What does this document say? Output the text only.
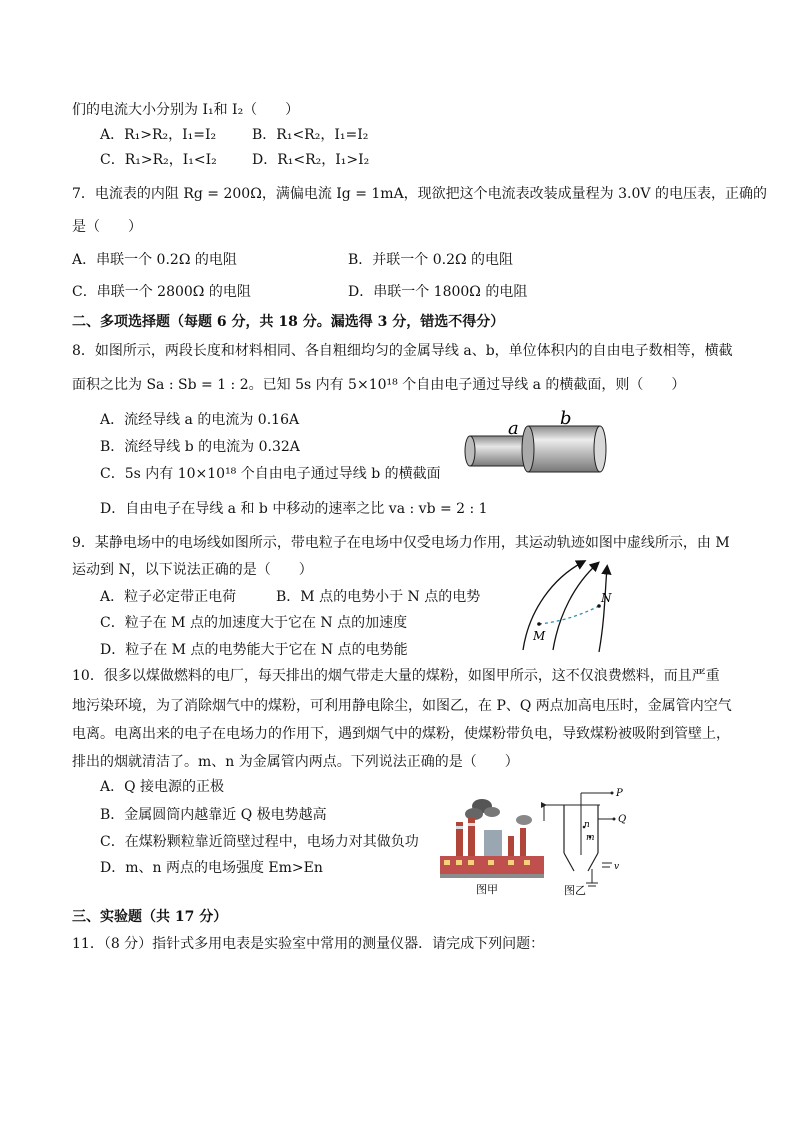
们的电流大小分别为 I₁和 I₂（　　）
A．R₁>R₂，I₁=I₂	B．R₁<R₂，I₁=I₂
C．R₁>R₂，I₁<I₂	D．R₁<R₂，I₁>I₂
7．电流表的内阻 Rg = 200Ω，满偏电流 Ig = 1mA，现欲把这个电流表改装成量程为 3.0V 的电压表，正确的
是（　　）
A．串联一个 0.2Ω 的电阻	B．并联一个 0.2Ω 的电阻
C．串联一个 2800Ω 的电阻	D．串联一个 1800Ω 的电阻
二、多项选择题（每题 6 分，共 18 分。漏选得 3 分，错选不得分）
8．如图所示，两段长度和材料相同、各自粗细均匀的金属导线 a、b，单位体积内的自由电子数相等，横截
面积之比为 Sa : Sb = 1 : 2。已知 5s 内有 5×10¹⁸ 个自由电子通过导线 a 的横截面，则（　　）
A．流经导线 a 的电流为 0.16A
B．流经导线 b 的电流为 0.32A
C．5s 内有 10×10¹⁸ 个自由电子通过导线 b 的横截面
D．自由电子在导线 a 和 b 中移动的速率之比 va : vb = 2 : 1
a b
9．某静电场中的电场线如图所示，带电粒子在电场中仅受电场力作用，其运动轨迹如图中虚线所示，由 M
运动到 N，以下说法正确的是（　　）
A．粒子必定带正电荷	B．M 点的电势小于 N 点的电势
C．粒子在 M 点的加速度大于它在 N 点的加速度
D．粒子在 M 点的电势能大于它在 N 点的电势能
M
N
10．很多以煤做燃料的电厂，每天排出的烟气带走大量的煤粉，如图甲所示，这不仅浪费燃料，而且严重
地污染环境，为了消除烟气中的煤粉，可利用静电除尘，如图乙，在 P、Q 两点加高电压时，金属管内空气
电离。电离出来的电子在电场力的作用下，遇到烟气中的煤粉，使煤粉带负电，导致煤粉被吸附到管壁上，
排出的烟就清洁了。m、n 为金属管内两点。下列说法正确的是（　　）
A．Q 接电源的正极
B．金属圆筒内越靠近 Q 极电势越高
C．在煤粉颗粒靠近筒壁过程中，电场力对其做负功
D．m、n 两点的电场强度 Em>En
图甲
P
Q
n
m
v
图乙
三、实验题（共 17 分）
11．（8 分）指针式多用电表是实验室中常用的测量仪器．请完成下列问题：
